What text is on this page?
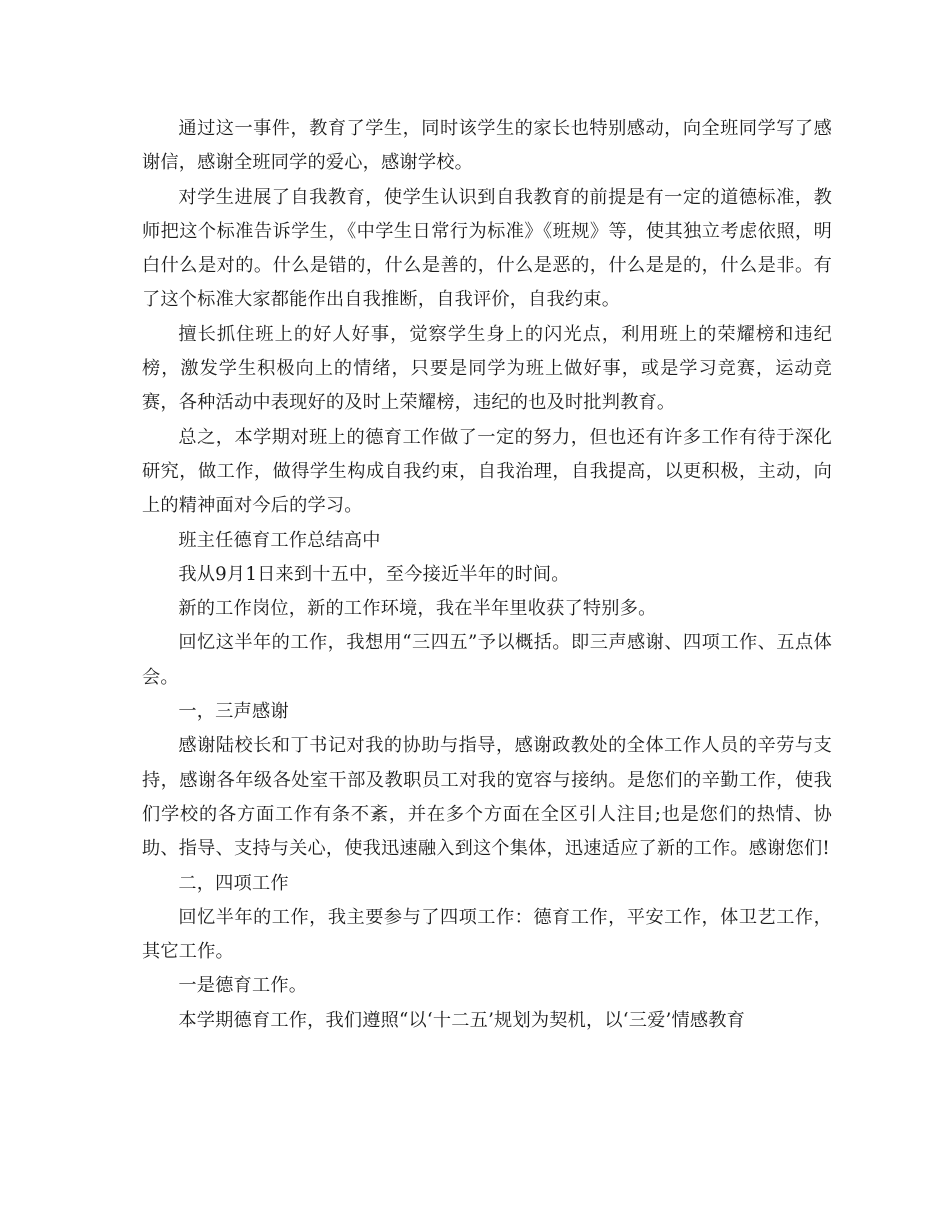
通过这一事件，教育了学生，同时该学生的家长也特别感动，向全班同学写了感谢信，感谢全班同学的爱心，感谢学校。

对学生进展了自我教育，使学生认识到自我教育的前提是有一定的道德标准，教师把这个标准告诉学生，《中学生日常行为标准》《班规》等，使其独立考虑依照，明白什么是对的。什么是错的，什么是善的，什么是恶的，什么是是的，什么是非。有了这个标准大家都能作出自我推断，自我评价，自我约束。

擅长抓住班上的好人好事，觉察学生身上的闪光点，利用班上的荣耀榜和违纪榜，激发学生积极向上的情绪，只要是同学为班上做好事，或是学习竞赛，运动竞赛，各种活动中表现好的及时上荣耀榜，违纪的也及时批判教育。

总之，本学期对班上的德育工作做了一定的努力，但也还有许多工作有待于深化研究，做工作，做得学生构成自我约束，自我治理，自我提高，以更积极，主动，向上的精神面对今后的学习。

班主任德育工作总结高中

我从9月1日来到十五中，至今接近半年的时间。

新的工作岗位，新的工作环境，我在半年里收获了特别多。

回忆这半年的工作，我想用“三四五”予以概括。即三声感谢、四项工作、五点体会。

一，三声感谢

感谢陆校长和丁书记对我的协助与指导，感谢政教处的全体工作人员的辛劳与支持，感谢各年级各处室干部及教职员工对我的宽容与接纳。是您们的辛勤工作，使我们学校的各方面工作有条不紊，并在多个方面在全区引人注目;也是您们的热情、协助、指导、支持与关心，使我迅速融入到这个集体，迅速适应了新的工作。感谢您们!

二，四项工作

回忆半年的工作，我主要参与了四项工作：德育工作，平安工作，体卫艺工作，其它工作。

一是德育工作。

本学期德育工作，我们遵照“以‘十二五’规划为契机，以‘三爱’情感教育
